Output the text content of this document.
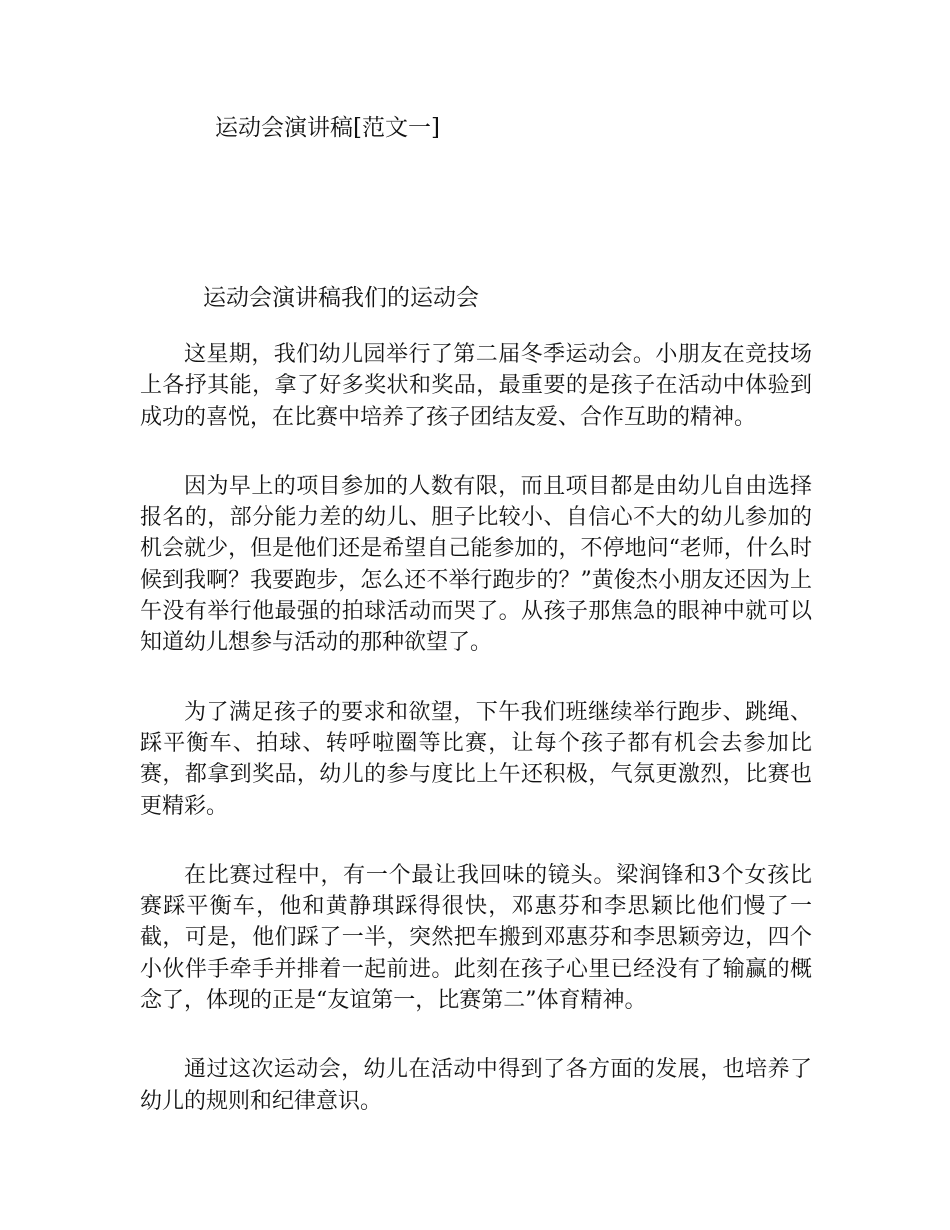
运动会演讲稿[范文一]
运动会演讲稿我们的运动会

这星期，我们幼儿园举行了第二届冬季运动会。小朋友在竞技场上各抒其能，拿了好多奖状和奖品，最重要的是孩子在活动中体验到成功的喜悦，在比赛中培养了孩子团结友爱、合作互助的精神。

因为早上的项目参加的人数有限，而且项目都是由幼儿自由选择报名的，部分能力差的幼儿、胆子比较小、自信心不大的幼儿参加的机会就少，但是他们还是希望自己能参加的，不停地问“老师，什么时候到我啊？我要跑步，怎么还不举行跑步的？”黄俊杰小朋友还因为上午没有举行他最强的拍球活动而哭了。从孩子那焦急的眼神中就可以知道幼儿想参与活动的那种欲望了。

为了满足孩子的要求和欲望，下午我们班继续举行跑步、跳绳、踩平衡车、拍球、转呼啦圈等比赛，让每个孩子都有机会去参加比赛，都拿到奖品，幼儿的参与度比上午还积极，气氛更激烈，比赛也更精彩。

在比赛过程中，有一个最让我回味的镜头。梁润锋和3个女孩比赛踩平衡车，他和黄静琪踩得很快，邓惠芬和李思颖比他们慢了一截，可是，他们踩了一半，突然把车搬到邓惠芬和李思颖旁边，四个小伙伴手牵手并排着一起前进。此刻在孩子心里已经没有了输赢的概念了，体现的正是“友谊第一，比赛第二”体育精神。

通过这次运动会，幼儿在活动中得到了各方面的发展，也培养了幼儿的规则和纪律意识。
